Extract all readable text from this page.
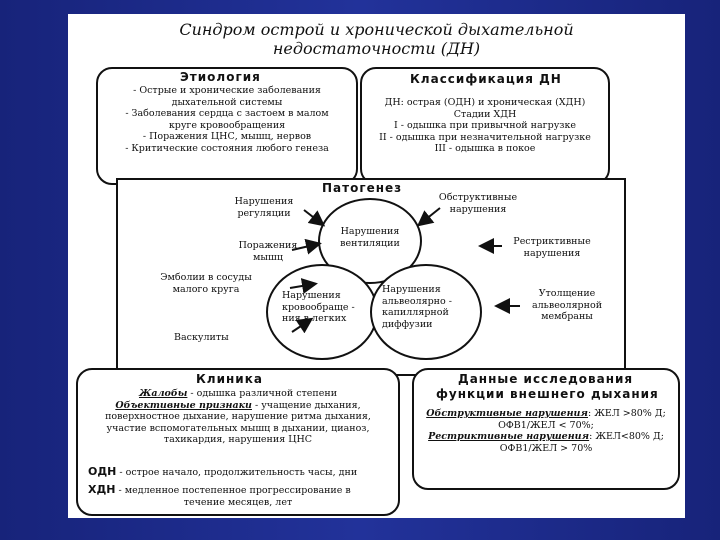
Синдром острой и хронической дыхательной
недостаточности (ДН)
Этиология
- Острые и хронические заболевания
дыхательной системы
- Заболевания сердца с застоем в малом
круге кровообращения
- Поражения ЦНС, мышц, нервов
- Критические состояния любого генеза
Классификация ДН
ДН: острая (ОДН) и хроническая (ХДН)
Стадии ХДН
I - одышка при привычной нагрузке
II - одышка при незначительной нагрузке
III - одышка в покое
Патогенез
Нарушения
регуляции
Поражения
мышц
Эмболии в сосуды
малого круга
Васкулиты
Обструктивные
нарушения
Рестриктивные
нарушения
Утолщение
альвеолярной
мембраны
Нарушения
вентиляции
Нарушения
кровообраще -
ния в легких
Нарушения
альвеолярно -
капиллярной
диффузии
Клиника
Жалобы - одышка различной степени
Объективные признаки - учащение дыхания,
поверхностное дыхание, нарушение ритма дыхания,
участие вспомогательных мышц в дыхании, цианоз,
тахикардия, нарушения ЦНС
ОДН - острое начало, продолжительность часы, дни
ХДН - медленное постепенное прогрессирование в
течение месяцев, лет
Данные исследования
функции внешнего дыхания
Обструктивные нарушения: ЖЕЛ >80% Д;
ОФВ1/ЖЕЛ < 70%;
Рестриктивные нарушения: ЖЕЛ<80% Д;
ОФВ1/ЖЕЛ > 70%
